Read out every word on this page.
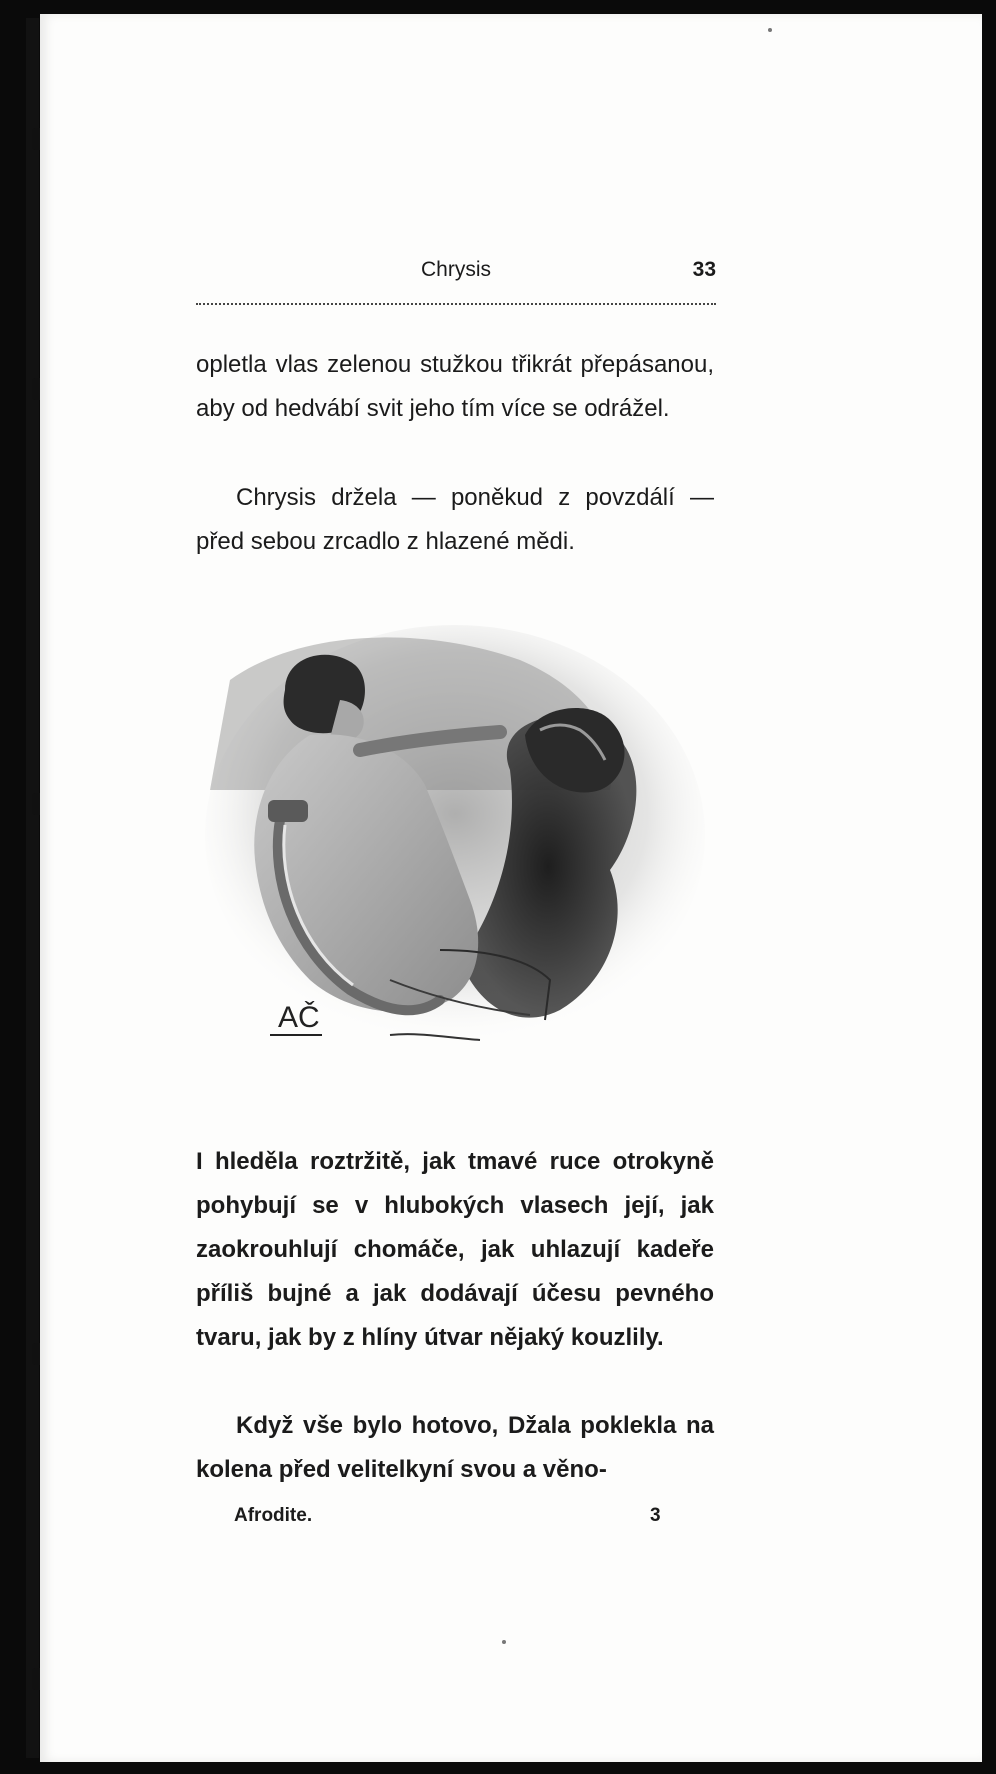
Chrysis	33

opletla vlas zelenou stužkou třikrát přepásanou, aby od hedvábí svit jeho tím více se odrážel.

Chrysis držela — poněkud z povzdálí — před sebou zrcadlo z hlazené mědi.

AČ

I hleděla roztržitě, jak tmavé ruce otrokyně pohybují se v hlubokých vlasech její, jak zaokrouhlují chomáče, jak uhlazují kadeře příliš bujné a jak dodávají účesu pevného tvaru, jak by z hlíny útvar nějaký kouzlily.

Když vše bylo hotovo, Džala poklekla na kolena před velitelkyní svou a věno-

Afrodite.	3
